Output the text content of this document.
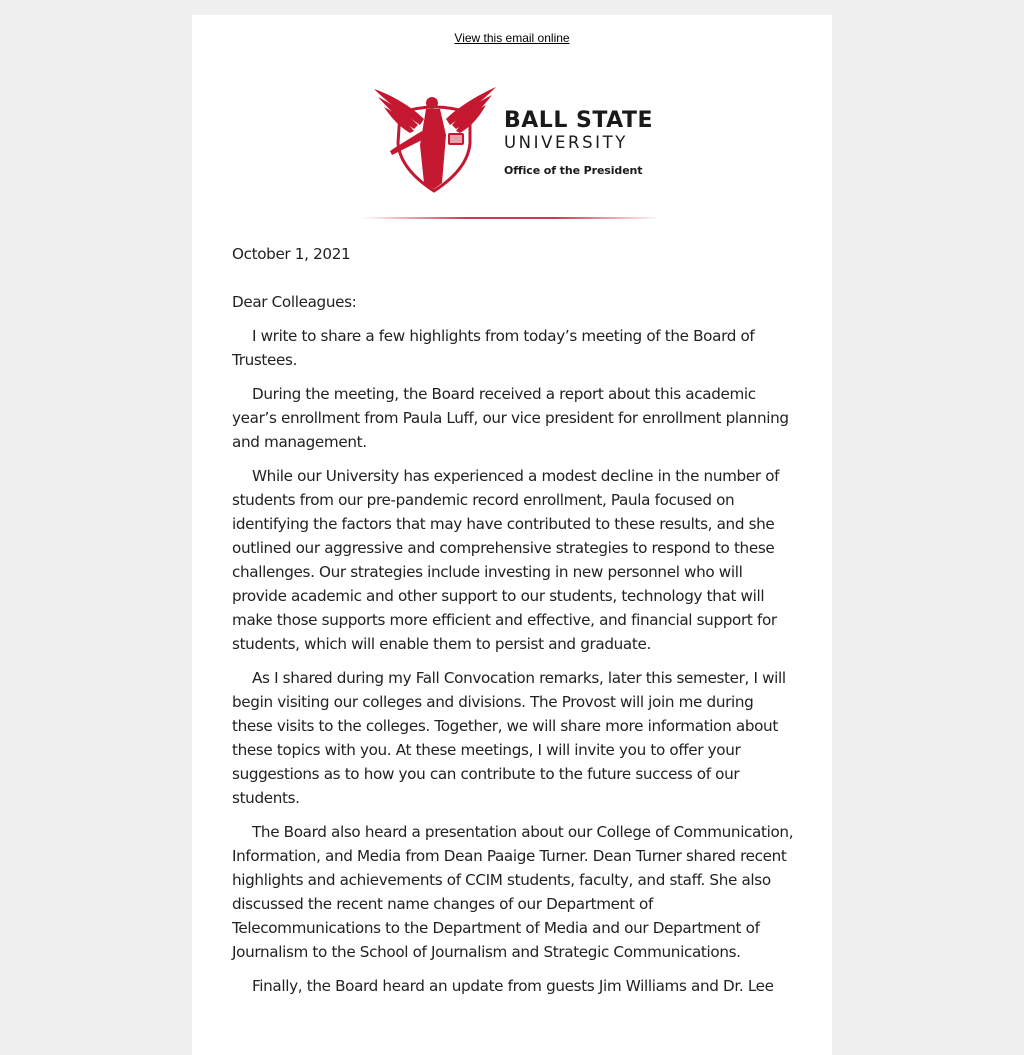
View this email online
BALL STATE
UNIVERSITY
Office of the President

October 1, 2021

Dear Colleagues:

I write to share a few highlights from today’s meeting of the Board of Trustees.

During the meeting, the Board received a report about this academic year’s enrollment from Paula Luff, our vice president for enrollment planning and management.

While our University has experienced a modest decline in the number of students from our pre-pandemic record enrollment, Paula focused on identifying the factors that may have contributed to these results, and she outlined our aggressive and comprehensive strategies to respond to these challenges. Our strategies include investing in new personnel who will provide academic and other support to our students, technology that will make those supports more efficient and effective, and financial support for students, which will enable them to persist and graduate.

As I shared during my Fall Convocation remarks, later this semester, I will begin visiting our colleges and divisions. The Provost will join me during these visits to the colleges. Together, we will share more information about these topics with you. At these meetings, I will invite you to offer your suggestions as to how you can contribute to the future success of our students.

The Board also heard a presentation about our College of Communication, Information, and Media from Dean Paaige Turner. Dean Turner shared recent highlights and achievements of CCIM students, faculty, and staff. She also discussed the recent name changes of our Department of Telecommunications to the Department of Media and our Department of Journalism to the School of Journalism and Strategic Communications.

Finally, the Board heard an update from guests Jim Williams and Dr. Lee
